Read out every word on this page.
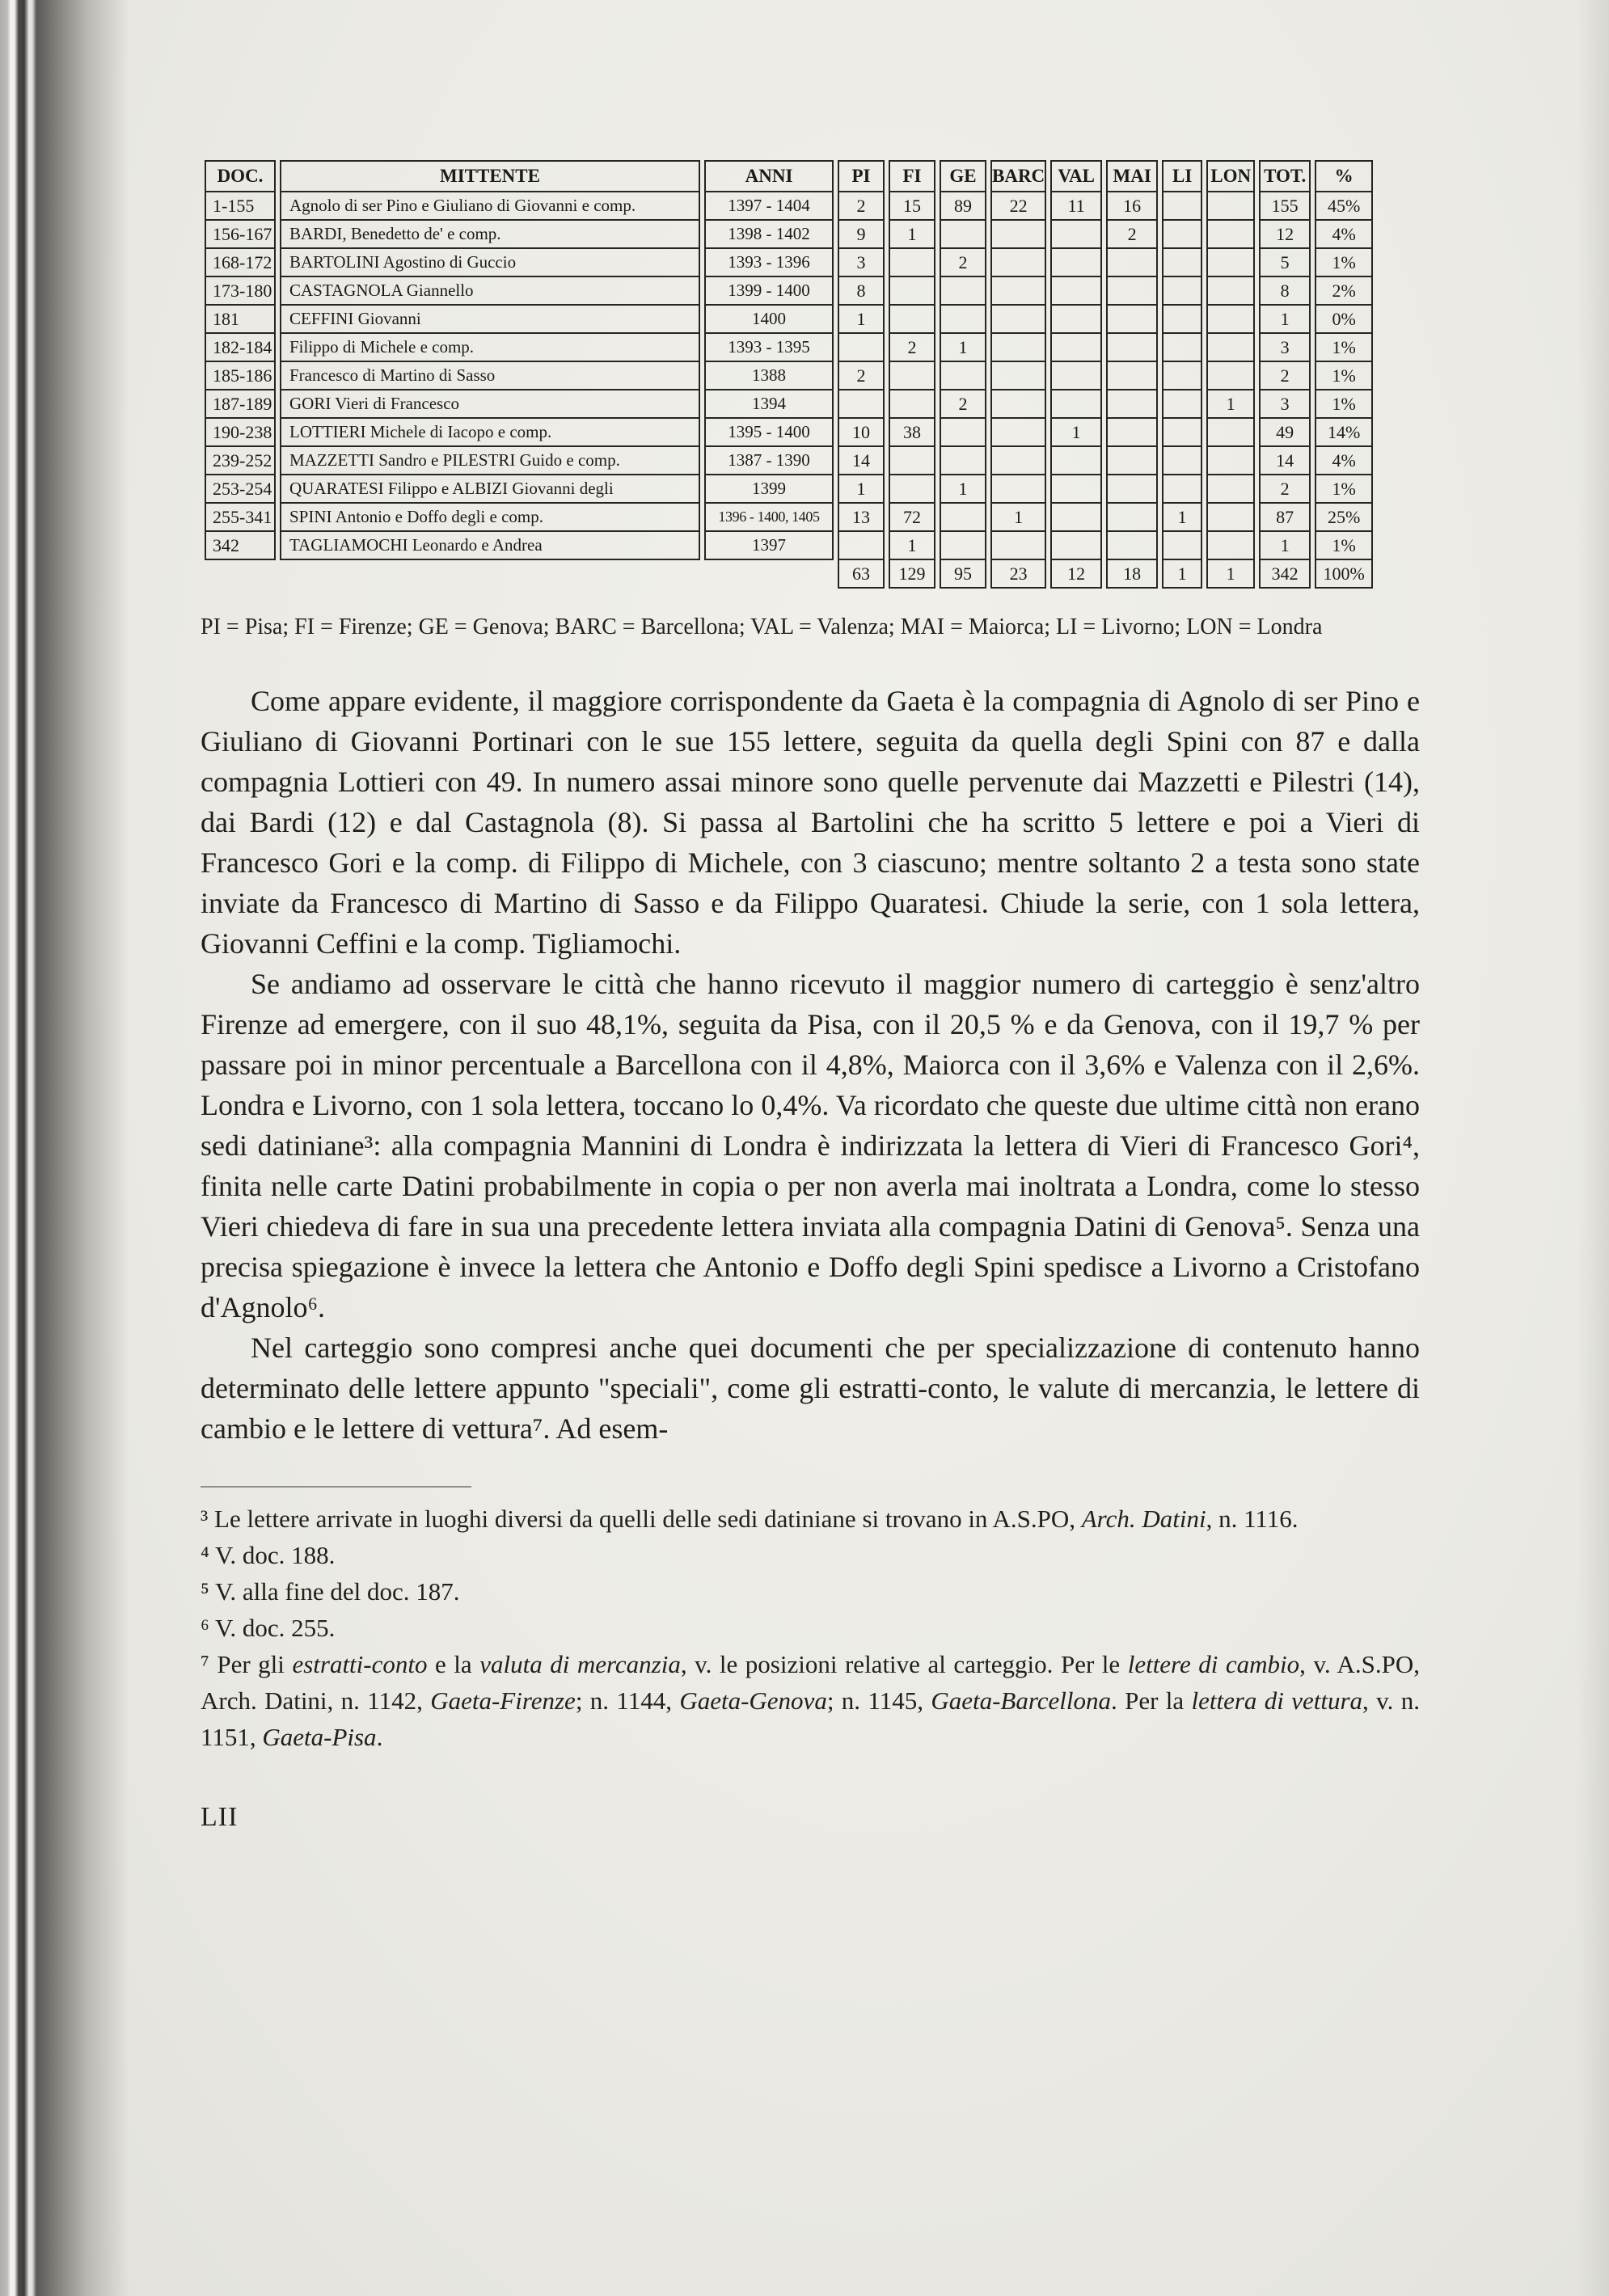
DOC.	MITTENTE	ANNI	PI	FI	GE	BARC	VAL	MAI	LI	LON	TOT.	%
1-155	Agnolo di ser Pino e Giuliano di Giovanni e comp.	1397 - 1404	2	15	89	22	11	16			155	45%
156-167	BARDI, Benedetto de' e comp.	1398 - 1402	9	1				2			12	4%
168-172	BARTOLINI Agostino di Guccio	1393 - 1396	3		2						5	1%
173-180	CASTAGNOLA Giannello	1399 - 1400	8								8	2%
181	CEFFINI Giovanni	1400	1								1	0%
182-184	Filippo di Michele e comp.	1393 - 1395		2	1						3	1%
185-186	Francesco di Martino di Sasso	1388	2								2	1%
187-189	GORI Vieri di Francesco	1394			2					1	3	1%
190-238	LOTTIERI Michele di Iacopo e comp.	1395 - 1400	10	38			1				49	14%
239-252	MAZZETTI Sandro e PILESTRI Guido e comp.	1387 - 1390	14								14	4%
253-254	QUARATESI Filippo e ALBIZI Giovanni degli	1399	1		1						2	1%
255-341	SPINI Antonio e Doffo degli e comp.	1396 - 1400, 1405	13	72		1			1		87	25%
342	TAGLIAMOCHI Leonardo e Andrea	1397		1							1	1%
			63	129	95	23	12	18	1	1	342	100%
PI = Pisa; FI = Firenze; GE = Genova; BARC = Barcellona; VAL = Valenza; MAI = Maiorca; LI = Livorno; LON = Londra

Come appare evidente, il maggiore corrispondente da Gaeta è la compagnia di Agnolo di ser Pino e Giuliano di Giovanni Portinari con le sue 155 lettere, seguita da quella degli Spini con 87 e dalla compagnia Lottieri con 49. In numero assai minore sono quelle pervenute dai Mazzetti e Pilestri (14), dai Bardi (12) e dal Castagnola (8). Si passa al Bartolini che ha scritto 5 lettere e poi a Vieri di Francesco Gori e la comp. di Filippo di Michele, con 3 ciascuno; mentre soltanto 2 a testa sono state inviate da Francesco di Martino di Sasso e da Filippo Quaratesi. Chiude la serie, con 1 sola lettera, Giovanni Ceffini e la comp. Tigliamochi.

Se andiamo ad osservare le città che hanno ricevuto il maggior numero di carteggio è senz'altro Firenze ad emergere, con il suo 48,1%, seguita da Pisa, con il 20,5 % e da Genova, con il 19,7 % per passare poi in minor percentuale a Barcellona con il 4,8%, Maiorca con il 3,6% e Valenza con il 2,6%. Londra e Livorno, con 1 sola lettera, toccano lo 0,4%. Va ricordato che queste due ultime città non erano sedi datiniane³: alla compagnia Mannini di Londra è indirizzata la lettera di Vieri di Francesco Gori⁴, finita nelle carte Datini probabilmente in copia o per non averla mai inoltrata a Londra, come lo stesso Vieri chiedeva di fare in sua una precedente lettera inviata alla compagnia Datini di Genova⁵. Senza una precisa spiegazione è invece la lettera che Antonio e Doffo degli Spini spedisce a Livorno a Cristofano d'Agnolo⁶.

Nel carteggio sono compresi anche quei documenti che per specializzazione di contenuto hanno determinato delle lettere appunto "speciali", come gli estratti-conto, le valute di mercanzia, le lettere di cambio e le lettere di vettura⁷. Ad esem-

³ Le lettere arrivate in luoghi diversi da quelli delle sedi datiniane si trovano in A.S.PO, Arch. Datini, n. 1116.

⁴ V. doc. 188.

⁵ V. alla fine del doc. 187.

⁶ V. doc. 255.

⁷ Per gli estratti-conto e la valuta di mercanzia, v. le posizioni relative al carteggio. Per le lettere di cambio, v. A.S.PO, Arch. Datini, n. 1142, Gaeta-Firenze; n. 1144, Gaeta-Genova; n. 1145, Gaeta-Barcellona. Per la lettera di vettura, v. n. 1151, Gaeta-Pisa.

LII
